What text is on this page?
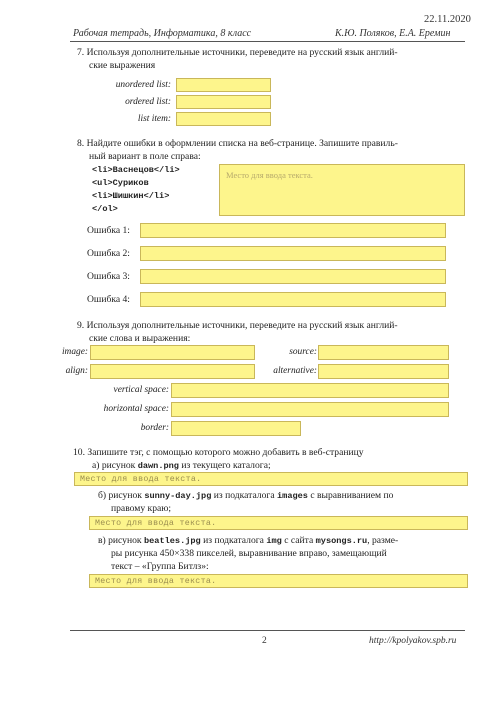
22.11.2020
Рабочая тетрадь, Информатика, 8 класс	К.Ю. Поляков, Е.А. Еремин
7. Используя дополнительные источники, переведите на русский язык англий-
ские выражения
unordered list:
ordered list:
list item:
8. Найдите ошибки в оформлении списка на веб-странице. Запишите правиль-
ный вариант в поле справа:
<li>Васнецов</li>
<ul>Суриков
<li>Шишкин</li>
</ol>
Место для ввода текста.
Ошибка 1:
Ошибка 2:
Ошибка 3:
Ошибка 4:
9. Используя дополнительные источники, переведите на русский язык англий-
ские слова и выражения:
image:	source:
align:	alternative:
vertical space:
horizontal space:
border:
10. Запишите тэг, с помощью которого можно добавить в веб-страницу
а) рисунок dawn.png из текущего каталога;
Место для ввода текста.
б) рисунок sunny-day.jpg из подкаталога images с выравниванием по
правому краю;
Место для ввода текста.
в) рисунок beatles.jpg из подкаталога img с сайта mysongs.ru, разме-
ры рисунка 450×338 пикселей, выравнивание вправо, замещающий
текст – «Группа Битлз»:
Место для ввода текста.
2	http://kpolyakov.spb.ru
